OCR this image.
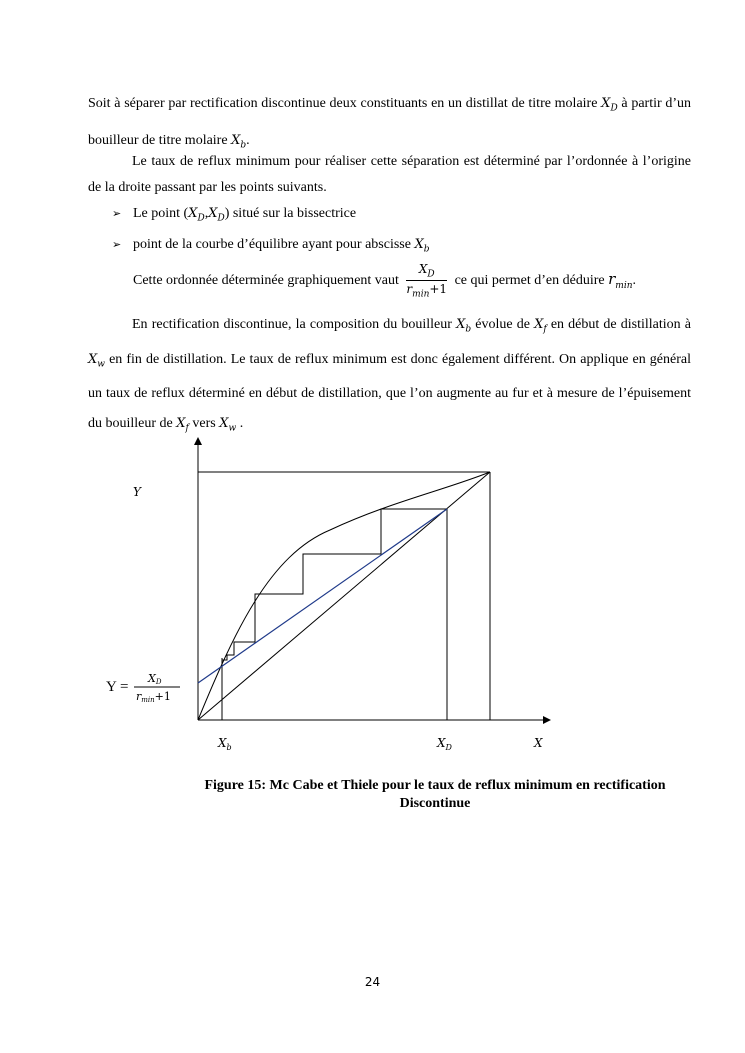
Soit à séparer par rectification discontinue deux constituants en un distillat de titre molaire $X_D$ à partir d’un bouilleur de titre molaire $X_b$.

Le taux de reflux minimum pour réaliser cette séparation est déterminé par l’ordonnée à l’origine de la droite passant par les points suivants.

➢ Le point $(X_D,X_D)$ situé sur la bissectrice
➢ point de la courbe d’équilibre ayant pour abscisse $X_b$
Cette ordonnée déterminée graphiquement vaut $\frac{X_D}{r_{min}+1}$ ce qui permet d’en déduire $r_{min}$.

En rectification discontinue, la composition du bouilleur $X_b$ évolue de $X_f$ en début de distillation à $X_w$ en fin de distillation. Le taux de reflux minimum est donc également différent. On applique en général un taux de reflux déterminé en début de distillation, que l’on augmente au fur et à mesure de l’épuisement du bouilleur de $X_f$ vers $X_w$ .

Y
X
$X_b$	$X_D$
Y =
XD
rmin+1
Figure 15: Mc Cabe et Thiele pour le taux de reflux minimum en rectification
Discontinue
24
